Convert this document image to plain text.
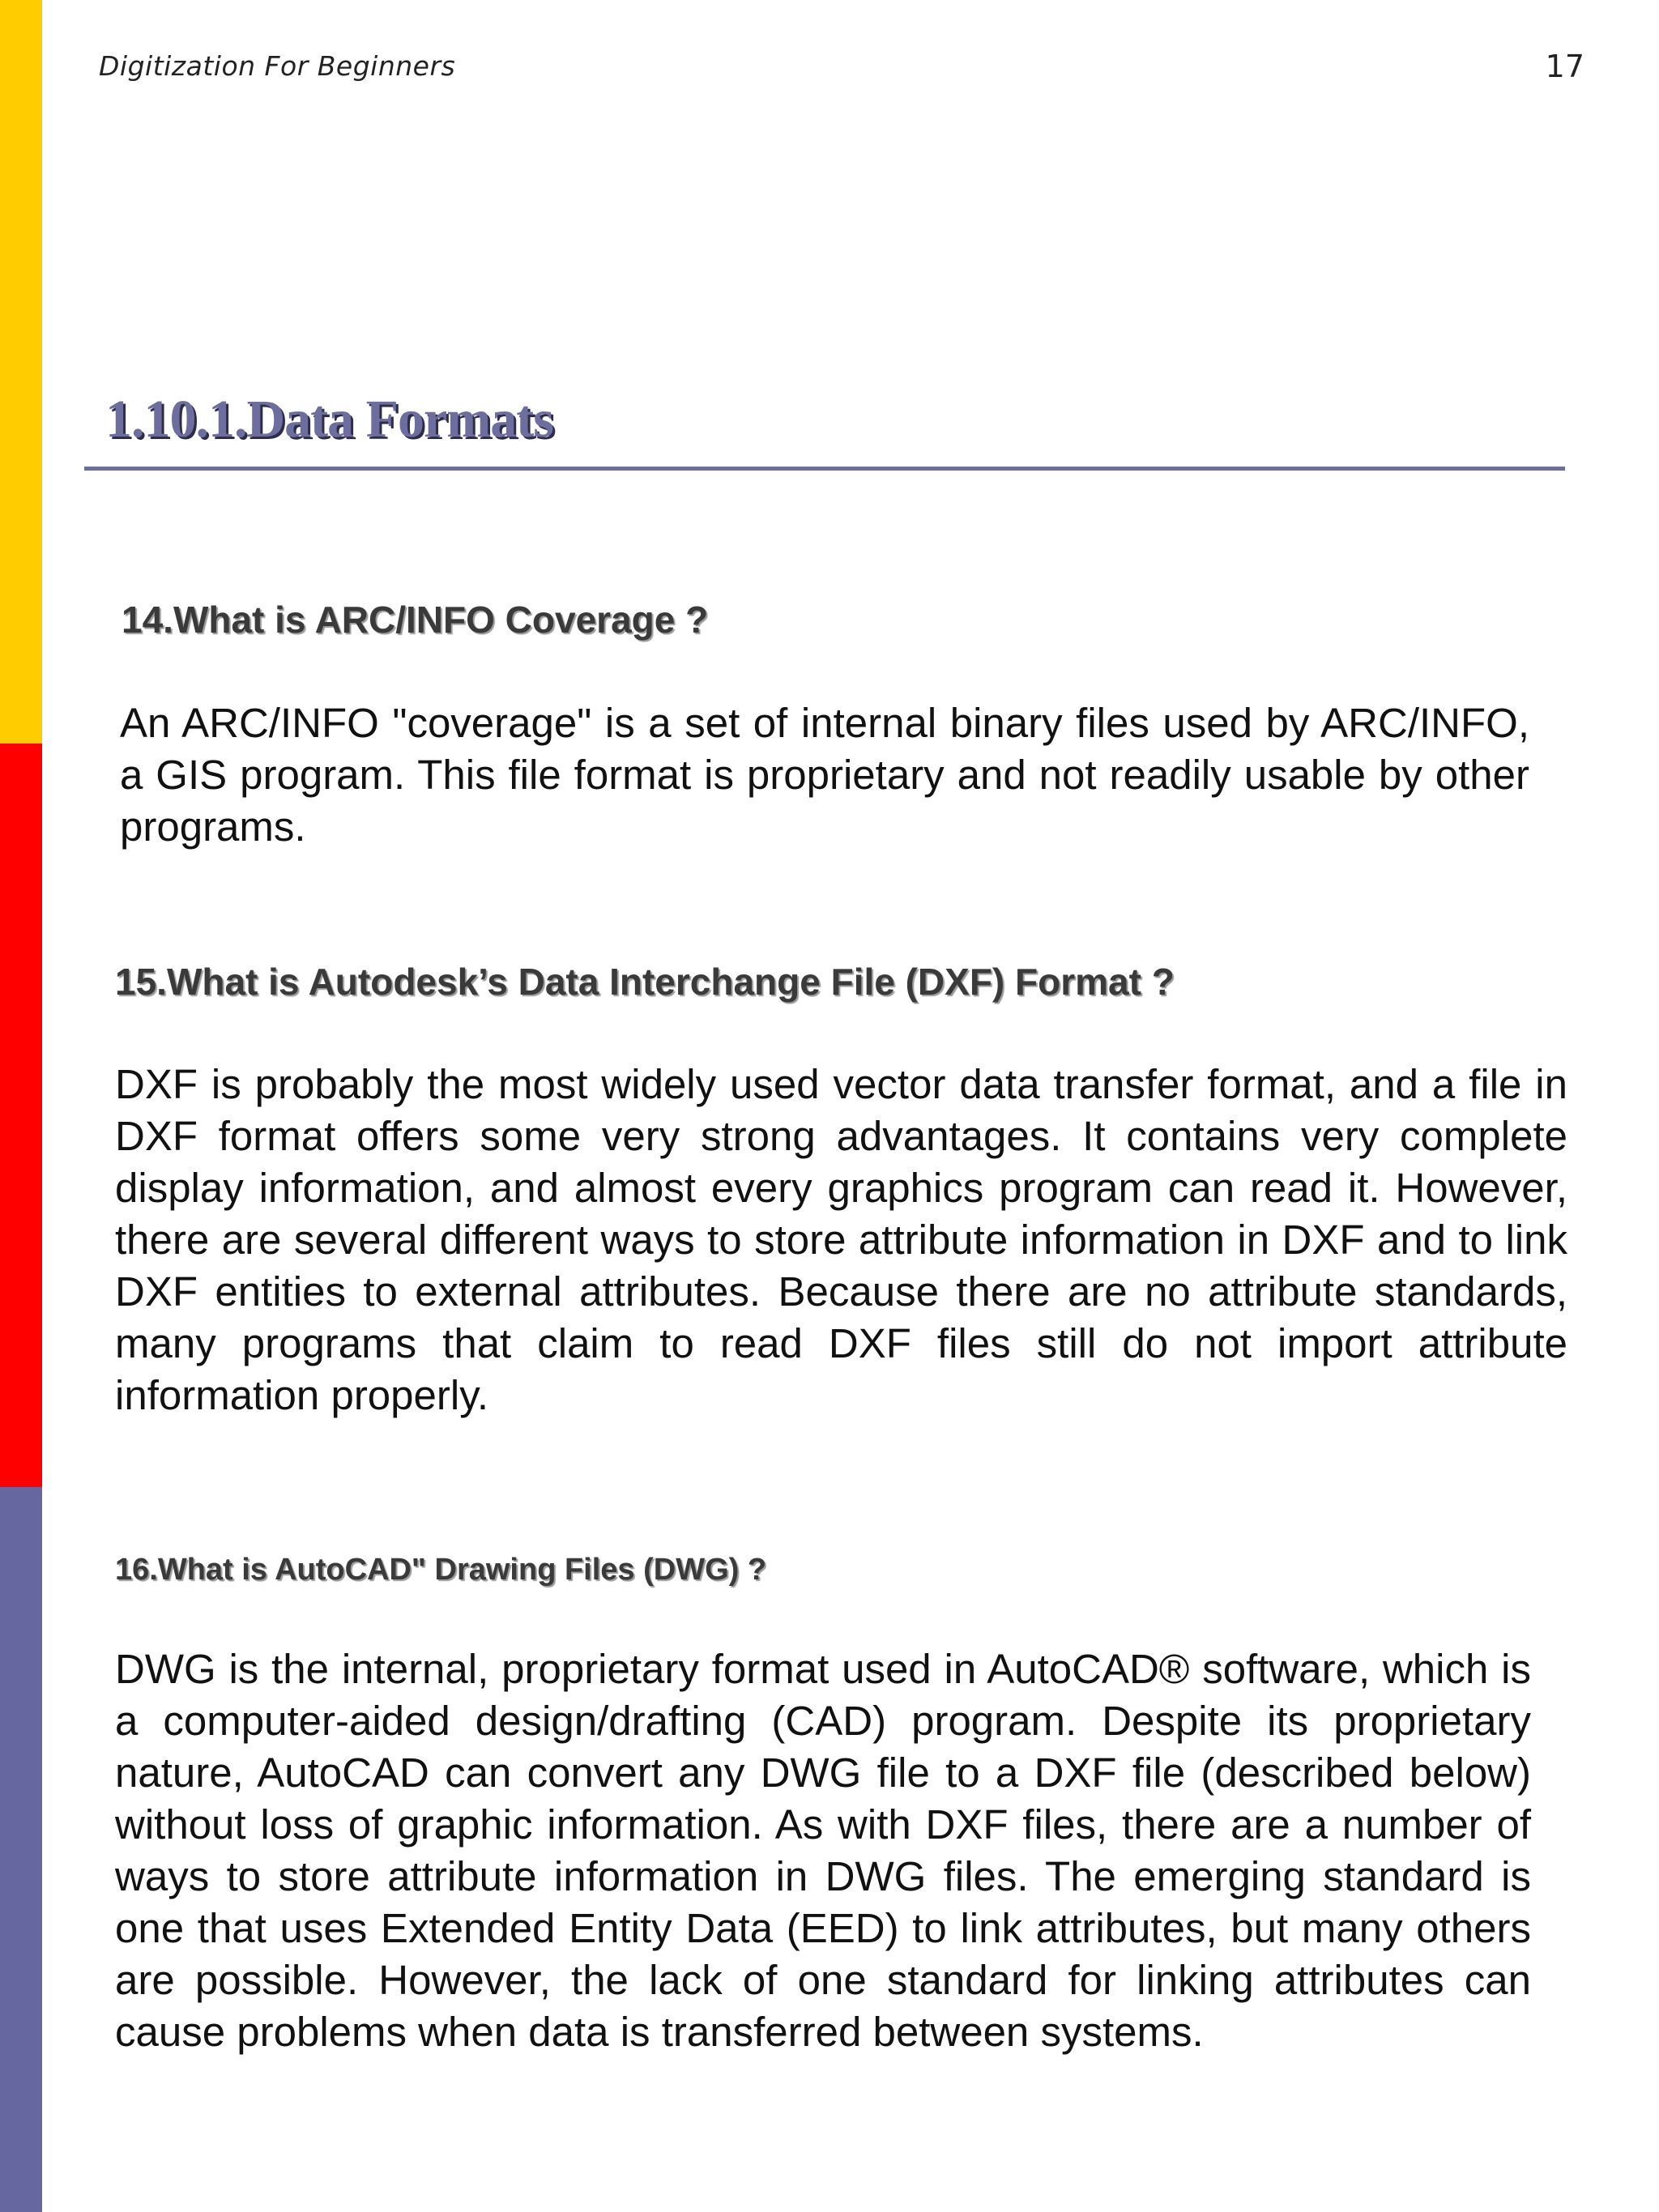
Digitization For Beginners	17
1.10.1.Data Formats
14.What is ARC/INFO Coverage ?

An ARC/INFO "coverage" is a set of internal binary files used by ARC/INFO, a GIS program. This file format is proprietary and not readily usable by other programs.

15.What is Autodesk’s Data Interchange File (DXF) Format ?

DXF is probably the most widely used vector data transfer format, and a file in DXF format offers some very strong advantages. It contains very complete display information, and almost every graphics program can read it. However, there are several different ways to store attribute information in DXF and to link DXF entities to external attributes. Because there are no attribute standards, many programs that claim to read DXF files still do not import attribute information properly.

16.What is AutoCAD" Drawing Files (DWG) ?

DWG is the internal, proprietary format used in AutoCAD® software, which is a computer-aided design/drafting (CAD) program. Despite its proprietary nature, AutoCAD can convert any DWG file to a DXF file (described below) without loss of graphic information. As with DXF files, there are a number of ways to store attribute information in DWG files. The emerging standard is one that uses Extended Entity Data (EED) to link attributes, but many others are possible. However, the lack of one standard for linking attributes can cause problems when data is transferred between systems.
